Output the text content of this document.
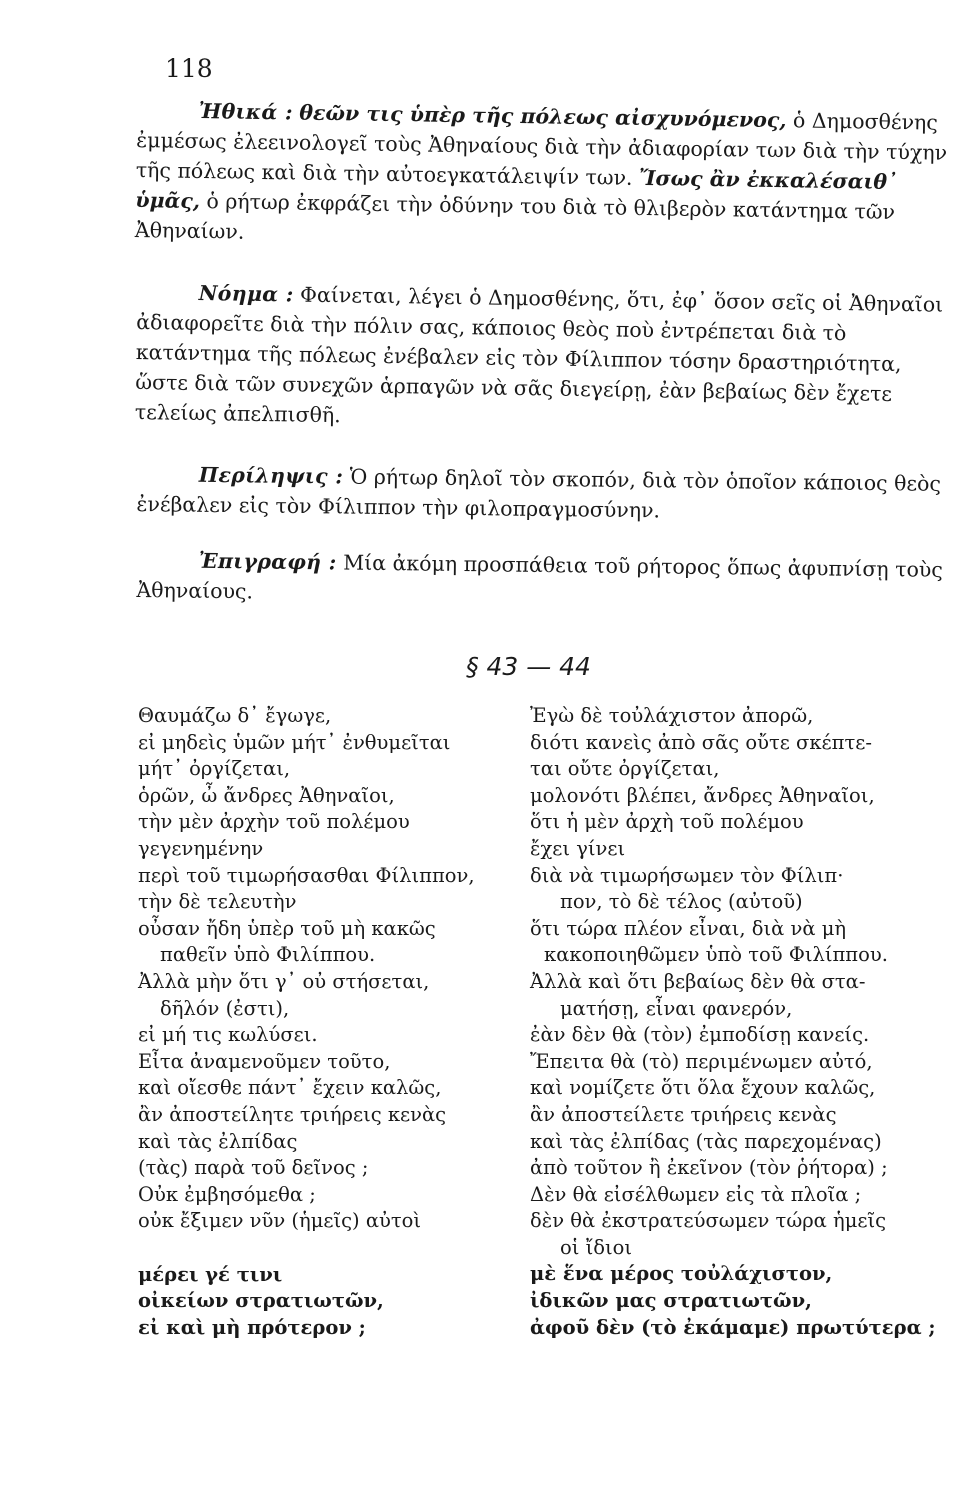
118

Ἠθικά : θεῶν τις ὑπὲρ τῆς πόλεως αἰσχυνόμενος, ὁ Δημοσθένης ἐμμέσως ἐλεεινολογεῖ τοὺς Ἀθηναίους διὰ τὴν ἀδιαφορίαν των διὰ τὴν τύχην τῆς πόλεως καὶ διὰ τὴν αὐτοεγκατάλειψίν των. Ἴσως ἂν ἐκκαλέσαιθ᾽ ὑμᾶς, ὁ ρήτωρ ἐκφράζει τὴν ὀδύνην του διὰ τὸ θλιβερὸν κατάντημα τῶν Ἀθηναίων.

Νόημα : Φαίνεται, λέγει ὁ Δημοσθένης, ὅτι, ἐφ᾽ ὅσον σεῖς οἱ Ἀθηναῖοι ἀδιαφορεῖτε διὰ τὴν πόλιν σας, κάποιος θεὸς ποὺ ἐντρέπεται διὰ τὸ κατάντημα τῆς πόλεως ἐνέβαλεν εἰς τὸν Φίλιππον τόσην δραστηριότητα, ὥστε διὰ τῶν συνεχῶν ἁρπαγῶν νὰ σᾶς διεγείρῃ, ἐὰν βεβαίως δὲν ἔχετε τελείως ἀπελπισθῆ.

Περίληψις : Ὁ ρήτωρ δηλοῖ τὸν σκοπόν, διὰ τὸν ὁποῖον κάποιος θεὸς ἐνέβαλεν εἰς τὸν Φίλιππον τὴν φιλοπραγμοσύνην.

Ἐπιγραφή : Μία ἀκόμη προσπάθεια τοῦ ρήτορος ὅπως ἀφυπνίσῃ τοὺς Ἀθηναίους.

§ 43 — 44
Θαυμάζω δ᾽ ἔγωγε,
εἰ μηδεὶς ὑμῶν μήτ᾽ ἐνθυμεῖται
μήτ᾽ ὀργίζεται,
ὁρῶν, ὦ ἄνδρες Ἀθηναῖοι,
τὴν μὲν ἀρχὴν τοῦ πολέμου
γεγενημένην
περὶ τοῦ τιμωρήσασθαι Φίλιππον,
τὴν δὲ τελευτὴν
οὖσαν ἤδη ὑπὲρ τοῦ μὴ κακῶς
παθεῖν ὑπὸ Φιλίππου.
Ἀλλὰ μὴν ὅτι γ᾽ οὐ στήσεται,
δῆλόν (ἐστι),
εἰ μή τις κωλύσει.
Εἶτα ἀναμενοῦμεν τοῦτο,
καὶ οἴεσθε πάντ᾽ ἔχειν καλῶς,
ἂν ἀποστείλητε τριήρεις κενὰς
καὶ τὰς ἐλπίδας
(τὰς) παρὰ τοῦ δεῖνος ;
Οὐκ ἐμβησόμεθα ;
οὐκ ἔξιμεν νῦν (ἡμεῖς) αὐτοὶ
μέρει γέ τινι
οἰκείων στρατιωτῶν,
εἰ καὶ μὴ πρότερον ;
Ἐγὼ δὲ τοὐλάχιστον ἀπορῶ,
διότι κανεὶς ἀπὸ σᾶς οὔτε σκέπτε-
ται οὔτε ὀργίζεται,
μολονότι βλέπει, ἄνδρες Ἀθηναῖοι,
ὅτι ἡ μὲν ἀρχὴ τοῦ πολέμου
ἔχει γίνει
διὰ νὰ τιμωρήσωμεν τὸν Φίλιπ·
πον, τὸ δὲ τέλος (αὐτοῦ)
ὅτι τώρα πλέον εἶναι, διὰ νὰ μὴ
κακοποιηθῶμεν ὑπὸ τοῦ Φιλίππου.
Ἀλλὰ καὶ ὅτι βεβαίως δὲν θὰ στα-
ματήσῃ, εἶναι φανερόν,
ἐὰν δὲν θὰ (τὸν) ἐμποδίσῃ κανείς.
Ἔπειτα θὰ (τὸ) περιμένωμεν αὐτό,
καὶ νομίζετε ὅτι ὅλα ἔχουν καλῶς,
ἂν ἀποστείλετε τριήρεις κενὰς
καὶ τὰς ἐλπίδας (τὰς παρεχομένας)
ἀπὸ τοῦτον ἢ ἐκεῖνον (τὸν ῥήτορα) ;
Δὲν θὰ εἰσέλθωμεν εἰς τὰ πλοῖα ;
δὲν θὰ ἐκστρατεύσωμεν τώρα ἡμεῖς
οἱ ἴδιοι
μὲ ἕνα μέρος τοὐλάχιστον,
ἰδικῶν μας στρατιωτῶν,
ἀφοῦ δὲν (τὸ ἐκάμαμε) πρωτύτερα ;
